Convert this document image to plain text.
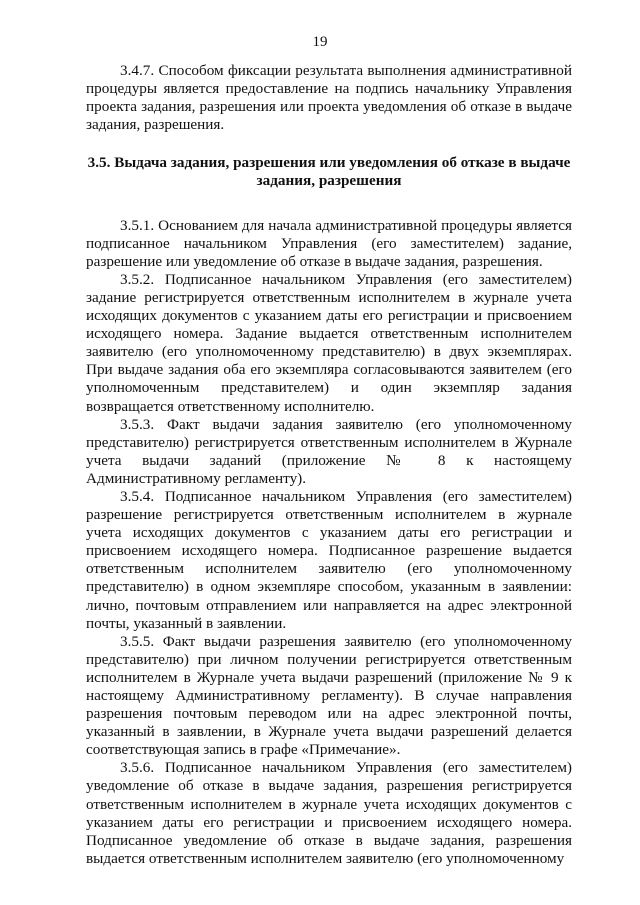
19

3.4.7. Способом фиксации результата выполнения административной процедуры является предоставление на подпись начальнику Управления проекта задания, разрешения или проекта уведомления об отказе в выдаче задания, разрешения.

3.5. Выдача задания, разрешения или уведомления об отказе в выдаче задания, разрешения

3.5.1. Основанием для начала административной процедуры является подписанное начальником Управления (его заместителем) задание, разрешение или уведомление об отказе в выдаче задания, разрешения.

3.5.2. Подписанное начальником Управления (его заместителем) задание регистрируется ответственным исполнителем в журнале учета исходящих документов с указанием даты его регистрации и присвоением исходящего номера. Задание выдается ответственным исполнителем заявителю (его уполномоченному представителю) в двух экземплярах. При выдаче задания оба его экземпляра согласовываются заявителем (его уполномоченным представителем) и один экземпляр задания возвращается ответственному исполнителю.

3.5.3. Факт выдачи задания заявителю (его уполномоченному представителю) регистрируется ответственным исполнителем в Журнале учета выдачи заданий (приложение № 8 к настоящему Административному регламенту).

3.5.4. Подписанное начальником Управления (его заместителем) разрешение регистрируется ответственным исполнителем в журнале учета исходящих документов с указанием даты его регистрации и присвоением исходящего номера. Подписанное разрешение выдается ответственным исполнителем заявителю (его уполномоченному представителю) в одном экземпляре способом, указанным в заявлении: лично, почтовым отправлением или направляется на адрес электронной почты, указанный в заявлении.

3.5.5. Факт выдачи разрешения заявителю (его уполномоченному представителю) при личном получении регистрируется ответственным исполнителем в Журнале учета выдачи разрешений (приложение № 9 к настоящему Административному регламенту). В случае направления разрешения почтовым переводом или на адрес электронной почты, указанный в заявлении, в Журнале учета выдачи разрешений делается соответствующая запись в графе «Примечание».

3.5.6. Подписанное начальником Управления (его заместителем) уведомление об отказе в выдаче задания, разрешения регистрируется ответственным исполнителем в журнале учета исходящих документов с указанием даты его регистрации и присвоением исходящего номера. Подписанное уведомление об отказе в выдаче задания, разрешения выдается ответственным исполнителем заявителю (его уполномоченному
